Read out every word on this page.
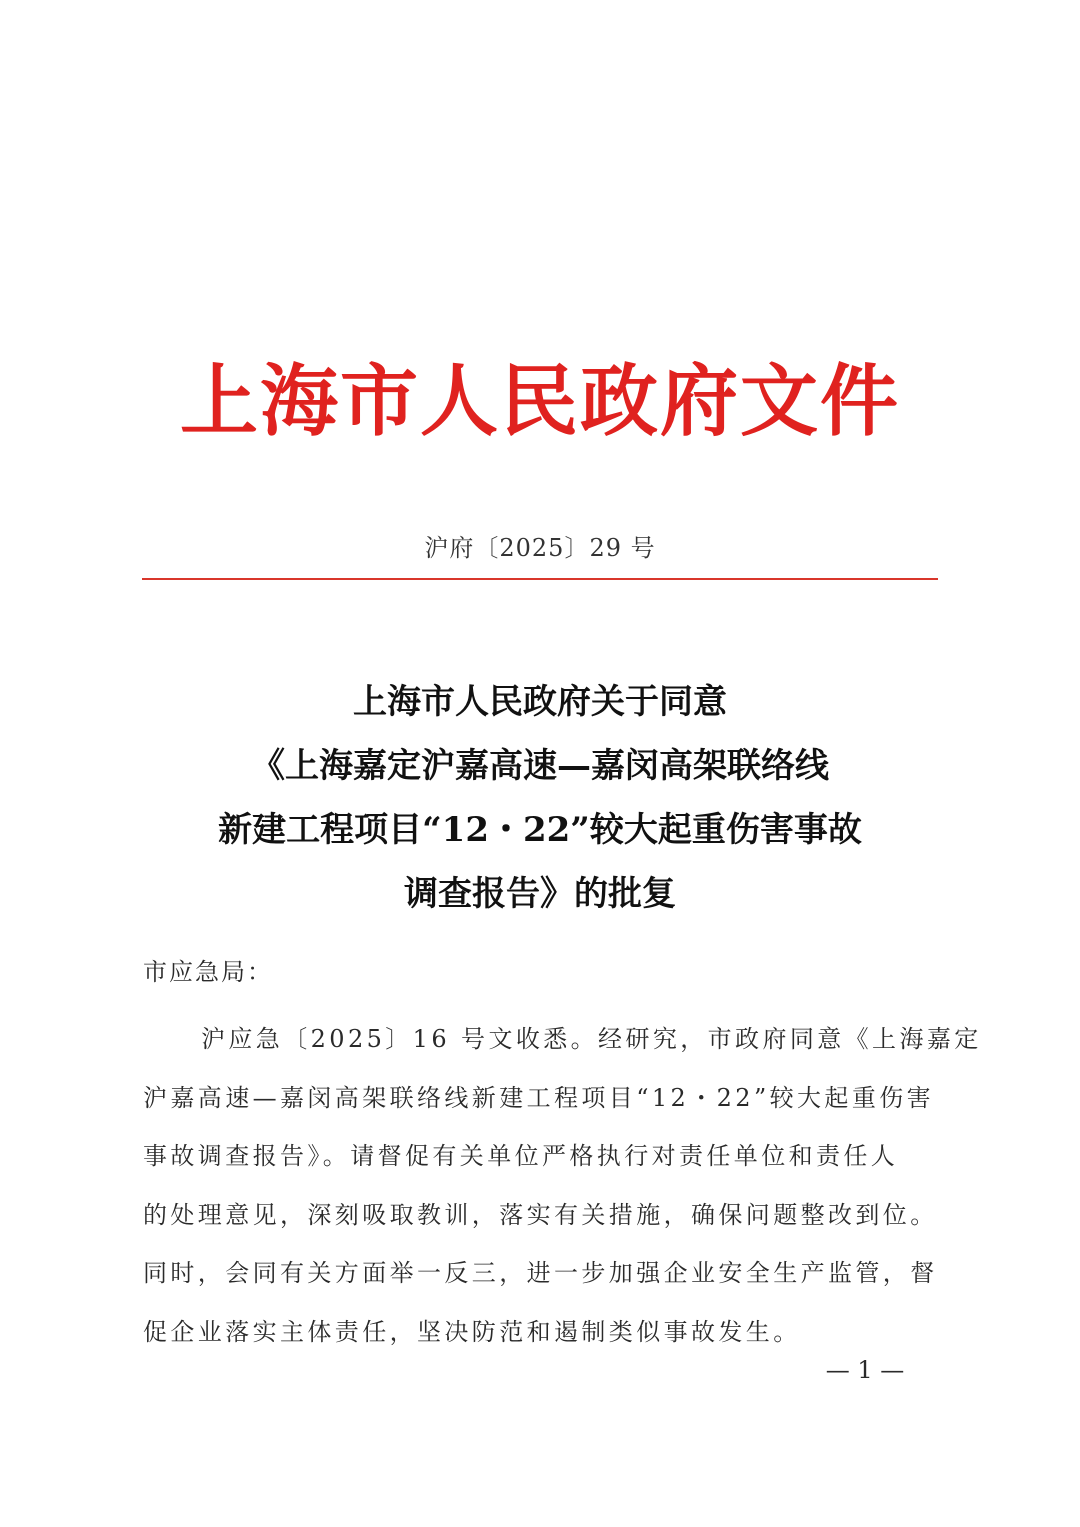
上海市人民政府文件
沪府〔2025〕29 号
上海市人民政府关于同意
《上海嘉定沪嘉高速—嘉闵高架联络线
新建工程项目“12・22”较大起重伤害事故
调查报告》的批复
市应急局：
沪应急〔2025〕16 号文收悉。经研究，市政府同意《上海嘉定
沪嘉高速—嘉闵高架联络线新建工程项目“12・22”较大起重伤害
事故调查报告》。请督促有关单位严格执行对责任单位和责任人
的处理意见，深刻吸取教训，落实有关措施，确保问题整改到位。
同时，会同有关方面举一反三，进一步加强企业安全生产监管，督
促企业落实主体责任，坚决防范和遏制类似事故发生。
— 1 —
